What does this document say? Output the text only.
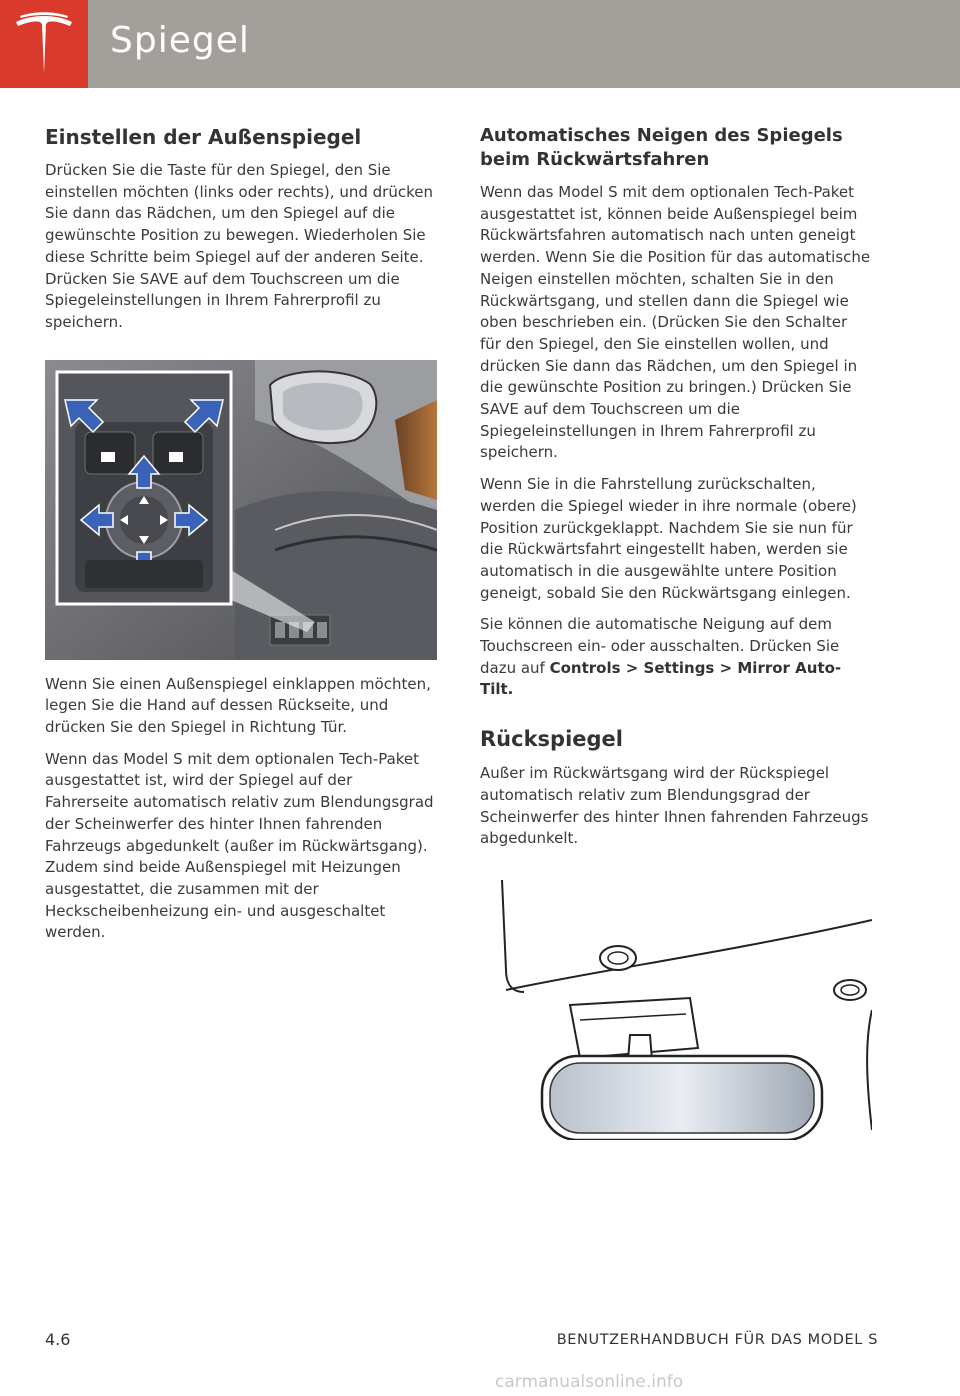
Spiegel
Einstellen der Außenspiegel

Drücken Sie die Taste für den Spiegel, den Sie einstellen möchten (links oder rechts), und drücken Sie dann das Rädchen, um den Spiegel auf die gewünschte Position zu bewegen. Wiederholen Sie diese Schritte beim Spiegel auf der anderen Seite. Drücken Sie SAVE auf dem Touchscreen um die Spiegeleinstellungen in Ihrem Fahrerprofil zu speichern.

Wenn Sie einen Außenspiegel einklappen möchten, legen Sie die Hand auf dessen Rückseite, und drücken Sie den Spiegel in Richtung Tür.

Wenn das Model S mit dem optionalen Tech-Paket ausgestattet ist, wird der Spiegel auf der Fahrerseite automatisch relativ zum Blendungsgrad der Scheinwerfer des hinter Ihnen fahrenden Fahrzeugs abgedunkelt (außer im Rückwärtsgang). Zudem sind beide Außenspiegel mit Heizungen ausgestattet, die zusammen mit der Heckscheibenheizung ein- und ausgeschaltet werden.

Automatisches Neigen des Spiegels beim Rückwärtsfahren

Wenn das Model S mit dem optionalen Tech-Paket ausgestattet ist, können beide Außenspiegel beim Rückwärtsfahren automatisch nach unten geneigt werden. Wenn Sie die Position für das automatische Neigen einstellen möchten, schalten Sie in den Rückwärtsgang, und stellen dann die Spiegel wie oben beschrieben ein. (Drücken Sie den Schalter für den Spiegel, den Sie einstellen wollen, und drücken Sie dann das Rädchen, um den Spiegel in die gewünschte Position zu bringen.) Drücken Sie SAVE auf dem Touchscreen um die Spiegeleinstellungen in Ihrem Fahrerprofil zu speichern.

Wenn Sie in die Fahrstellung zurückschalten, werden die Spiegel wieder in ihre normale (obere) Position zurückgeklappt. Nachdem Sie sie nun für die Rückwärtsfahrt eingestellt haben, werden sie automatisch in die ausgewählte untere Position geneigt, sobald Sie den Rückwärtsgang einlegen.

Sie können die automatische Neigung auf dem Touchscreen ein- oder ausschalten. Drücken Sie dazu auf Controls > Settings > Mirror Auto-Tilt.

Rückspiegel

Außer im Rückwärtsgang wird der Rückspiegel automatisch relativ zum Blendungsgrad der Scheinwerfer des hinter Ihnen fahrenden Fahrzeugs abgedunkelt.

4.6	BENUTZERHANDBUCH FÜR DAS MODEL S
carmanualsonline.info
